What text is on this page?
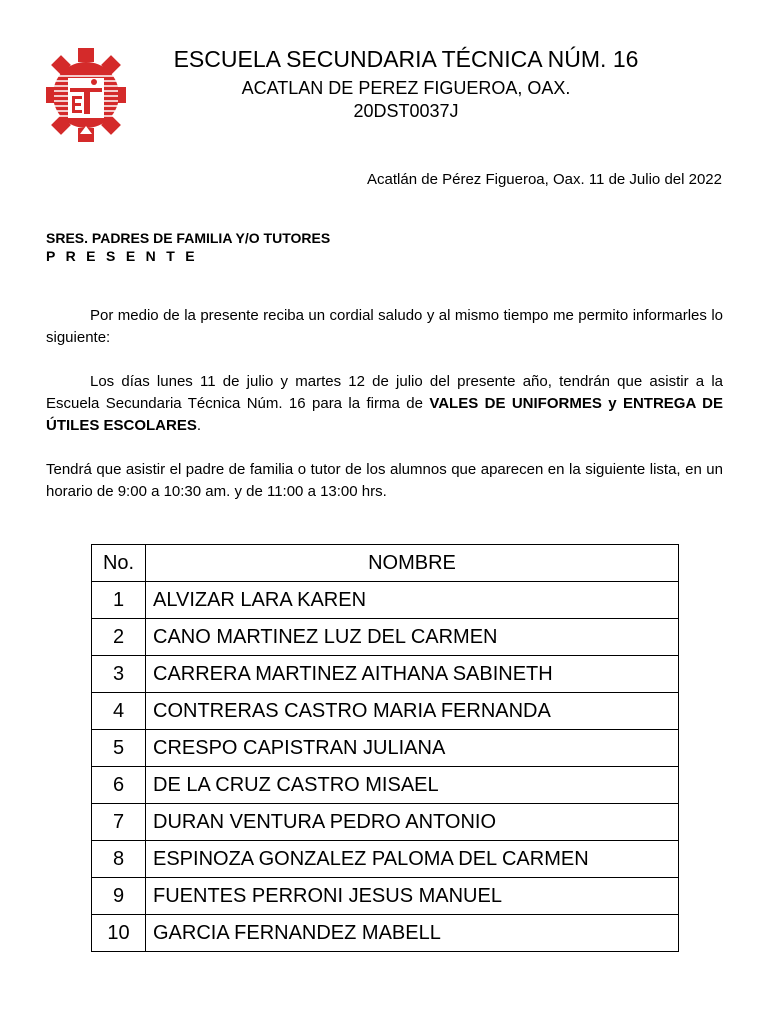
ESCUELA SECUNDARIA TÉCNICA NÚM. 16
ACATLAN DE PEREZ FIGUEROA, OAX.
20DST0037J
Acatlán de Pérez Figueroa, Oax. 11 de Julio del 2022
SRES. PADRES DE FAMILIA Y/O TUTORES
P R E S E N T E

Por medio de la presente reciba un cordial saludo y al mismo tiempo me permito informarles lo siguiente:

Los días lunes 11 de julio y martes 12 de julio del presente año, tendrán que asistir a la Escuela Secundaria Técnica Núm. 16 para la firma de VALES DE UNIFORMES y ENTREGA DE ÚTILES ESCOLARES.

Tendrá que asistir el padre de familia o tutor de los alumnos que aparecen en la siguiente lista, en un horario de 9:00 a 10:30 am. y de 11:00 a 13:00 hrs.

No.	NOMBRE
1	ALVIZAR LARA KAREN
2	CANO MARTINEZ LUZ DEL CARMEN
3	CARRERA MARTINEZ AITHANA SABINETH
4	CONTRERAS CASTRO MARIA FERNANDA
5	CRESPO CAPISTRAN JULIANA
6	DE LA CRUZ CASTRO MISAEL
7	DURAN VENTURA PEDRO ANTONIO
8	ESPINOZA GONZALEZ PALOMA DEL CARMEN
9	FUENTES PERRONI JESUS MANUEL
10	GARCIA FERNANDEZ MABELL
